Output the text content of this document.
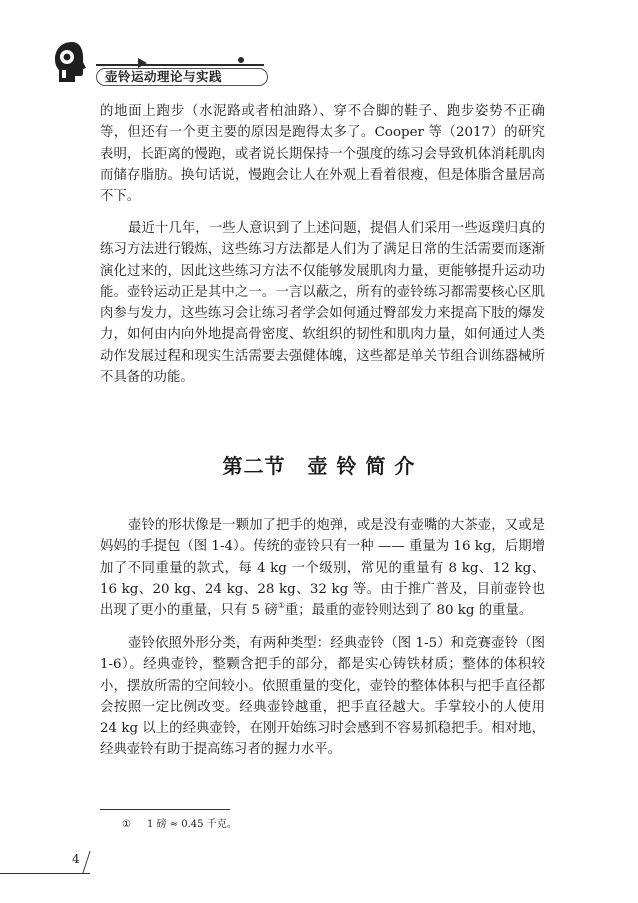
壶铃运动理论与实践

的地面上跑步（水泥路或者柏油路）、穿不合脚的鞋子、跑步姿势不正确等，但还有一个更主要的原因是跑得太多了。Cooper 等（2017）的研究表明，长距离的慢跑，或者说长期保持一个强度的练习会导致机体消耗肌肉而储存脂肪。换句话说，慢跑会让人在外观上看着很瘦，但是体脂含量居高不下。

最近十几年，一些人意识到了上述问题，提倡人们采用一些返璞归真的练习方法进行锻炼，这些练习方法都是人们为了满足日常的生活需要而逐渐演化过来的，因此这些练习方法不仅能够发展肌肉力量，更能够提升运动功能。壶铃运动正是其中之一。一言以蔽之，所有的壶铃练习都需要核心区肌肉参与发力，这些练习会让练习者学会如何通过臀部发力来提高下肢的爆发力，如何由内向外地提高骨密度、软组织的韧性和肌肉力量，如何通过人类动作发展过程和现实生活需要去强健体魄，这些都是单关节组合训练器械所不具备的功能。

第二节 壶 铃 简 介

壶铃的形状像是一颗加了把手的炮弹，或是没有壶嘴的大茶壶，又或是妈妈的手提包（图 1-4）。传统的壶铃只有一种 —— 重量为 16 kg，后期增加了不同重量的款式，每 4 kg 一个级别，常见的重量有 8 kg、12 kg、16 kg、20 kg、24 kg、28 kg、32 kg 等。由于推广普及，目前壶铃也出现了更小的重量，只有 5 磅①重；最重的壶铃则达到了 80 kg 的重量。

壶铃依照外形分类，有两种类型：经典壶铃（图 1-5）和竞赛壶铃（图 1-6）。经典壶铃，整颗含把手的部分，都是实心铸铁材质；整体的体积较小，摆放所需的空间较小。依照重量的变化，壶铃的整体体积与把手直径都会按照一定比例改变。经典壶铃越重，把手直径越大。手掌较小的人使用 24 kg 以上的经典壶铃，在刚开始练习时会感到不容易抓稳把手。相对地，经典壶铃有助于提高练习者的握力水平。

① 1 磅 ≈ 0.45 千克。

4
